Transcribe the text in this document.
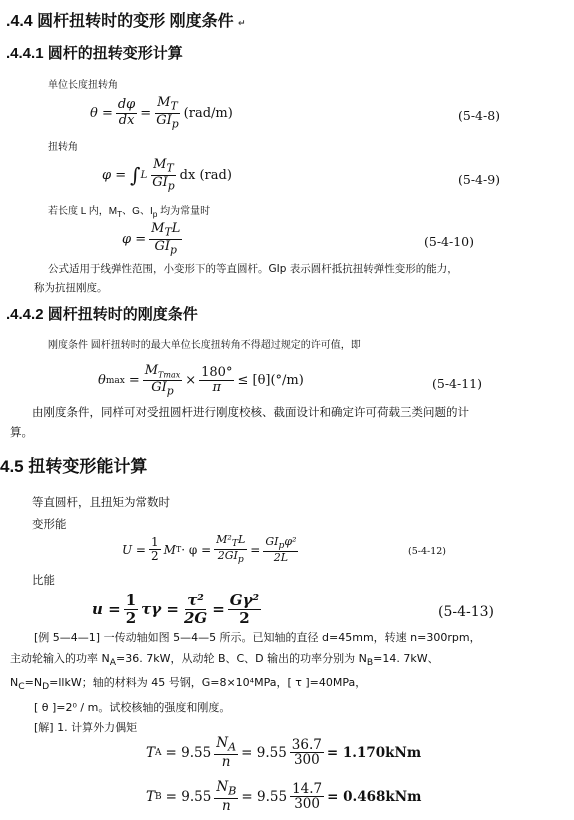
.4.4 圆杆扭转时的变形 刚度条件 ↵
.4.4.1 圆杆的扭转变形计算
单位长度扭转角
$\theta = \frac{d\varphi}{dx} = \frac{M_T}{GI_p} (rad/m)$	(5-4-8)
扭转角
φ = ∫ L $\frac{M_T}{GI_p}$ dx (rad)	(5-4-9)
若长度 L 内，$M_T$、G、$I_p$ 均为常量时
$\varphi = \frac{M_TL}{GI_p}$	(5-4-10)
公式适用于线弹性范围，小变形下的等直圆杆。GIp 表示圆杆抵抗扭转弹性变形的能力，
称为抗扭刚度。
.4.4.2 圆杆扭转时的刚度条件
刚度条件 圆杆扭转时的最大单位长度扭转角不得超过规定的许可值，即
θ $\max = \frac{M_{Tmax}}{GI_p} \times \frac{180^\circ}{\pi} \le [\theta](^\circ/m)$	(5-4-11)
由刚度条件，同样可对受扭圆杆进行刚度校核、截面设计和确定许可荷载三类问题的计
算。
4.5 扭转变形能计算
等直圆杆，且扭矩为常数时
变形能
$U = \frac{1}{2}$ M $T \cdot \varphi = \frac{M^2_TL}{2GI_p} = \frac{GI_p\varphi^2}{2L}$	(5-4-12)
比能
$u = \frac{1}{2}$ $\tau\gamma = \frac{\text{τ²}}{2G} = \frac{\text{Gγ²}}{2}$	(5-4-13)
[例 5—4—1] 一传动轴如图 5—4—5 所示。已知轴的直径 d=45mm，转速 n=300rpm，
主动轮输入的功率 $N_A=36$. 7kW，从动轮 B、C、D 输出的功率分别为 $N_B=14$. 7kW、
$N_C=N_D=llkW$；轴的材料为 45 号钢，G=8×10⁴MPa，[ τ ]=40MPa，
[ θ ]=2⁰ / m。试校核轴的强度和刚度。
[解] 1. 计算外力偶矩
T $A = 9.55 \frac{N_A}{n} = 9.55 \frac{36.7}{300} = 1.170kNm$
T $B = 9.55 \frac{N_B}{n} = 9.55 \frac{14.7}{300} = 0.468kNm$
